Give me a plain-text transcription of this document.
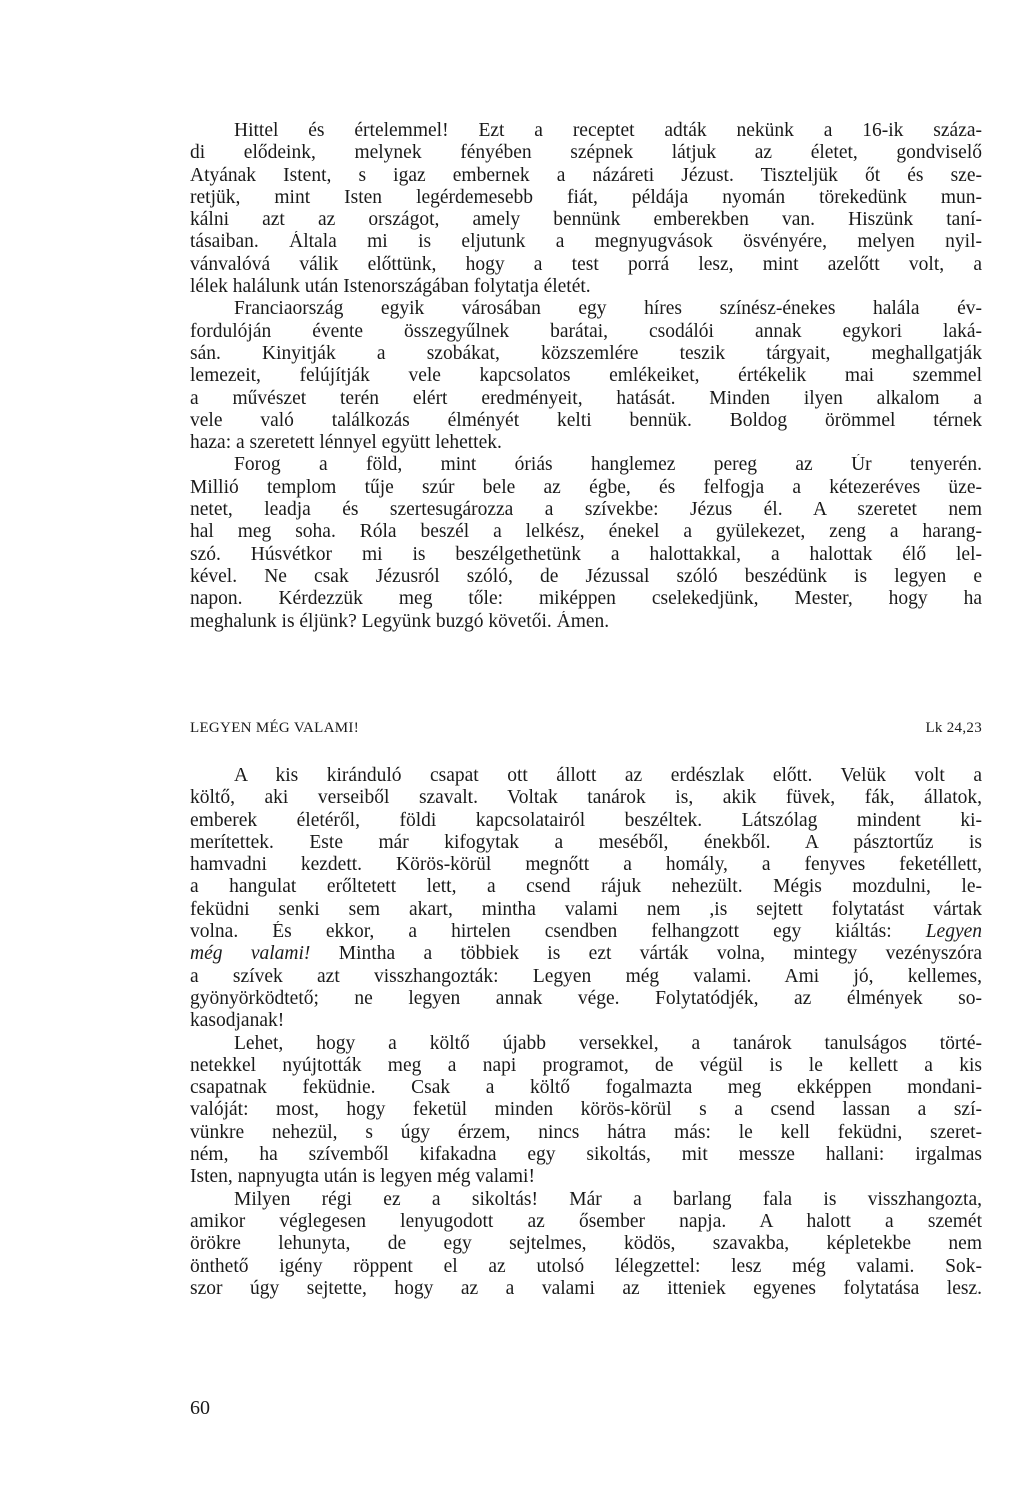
Hittel és értelemmel! Ezt a receptet adták nekünk a 16-ik száza-
di elődeink, melynek fényében szépnek látjuk az életet, gondviselő
Atyának Istent, s igaz embernek a názáreti Jézust. Tiszteljük őt és sze-
retjük, mint Isten legérdemesebb fiát, példája nyomán törekedünk mun-
kálni azt az országot, amely bennünk emberekben van. Hiszünk taní-
tásaiban. Általa mi is eljutunk a megnyugvások ösvényére, melyen nyil-
vánvalóvá válik előttünk, hogy a test porrá lesz, mint azelőtt volt, a
lélek halálunk után Istenországában folytatja életét.
Franciaország egyik városában egy híres színész-énekes halála év-
fordulóján évente összegyűlnek barátai, csodálói annak egykori laká-
sán. Kinyitják a szobákat, közszemlére teszik tárgyait, meghallgatják
lemezeit, felújítják vele kapcsolatos emlékeiket, értékelik mai szemmel
a művészet terén elért eredményeit, hatását. Minden ilyen alkalom a
vele való találkozás élményét kelti bennük. Boldog örömmel térnek
haza: a szeretett lénnyel együtt lehettek.
Forog a föld, mint óriás hanglemez pereg az Úr tenyerén.
Millió templom tűje szúr bele az égbe, és felfogja a kétezeréves üze-
netet, leadja és szertesugározza a szívekbe: Jézus él. A szeretet nem
hal meg soha. Róla beszél a lelkész, énekel a gyülekezet, zeng a harang-
szó. Húsvétkor mi is beszélgethetünk a halottakkal, a halottak élő lel-
kével. Ne csak Jézusról szóló, de Jézussal szóló beszédünk is legyen e
napon. Kérdezzük meg tőle: miképpen cselekedjünk, Mester, hogy ha
meghalunk is éljünk? Legyünk buzgó követői. Ámen.
LEGYEN MÉG VALAMI!	Lk 24,23
A kis kiránduló csapat ott állott az erdészlak előtt. Velük volt a
költő, aki verseiből szavalt. Voltak tanárok is, akik füvek, fák, állatok,
emberek életéről, földi kapcsolatairól beszéltek. Látszólag mindent ki-
merítettek. Este már kifogytak a meséből, énekből. A pásztortűz is
hamvadni kezdett. Körös-körül megnőtt a homály, a fenyves feketéllett,
a hangulat erőltetett lett, a csend rájuk nehezült. Mégis mozdulni, le-
feküdni senki sem akart, mintha valami nem ,is sejtett folytatást vártak
volna. És ekkor, a hirtelen csendben felhangzott egy kiáltás: Legyen
még valami! Mintha a többiek is ezt várták volna, mintegy vezényszóra
a szívek azt visszhangozták: Legyen még valami. Ami jó, kellemes,
gyönyörködtető; ne legyen annak vége. Folytatódjék, az élmények so-
kasodjanak!
Lehet, hogy a költő újabb versekkel, a tanárok tanulságos törté-
netekkel nyújtották meg a napi programot, de végül is le kellett a kis
csapatnak feküdnie. Csak a költő fogalmazta meg ekképpen mondani-
valóját: most, hogy feketül minden körös-körül s a csend lassan a szí-
vünkre nehezül, s úgy érzem, nincs hátra más: le kell feküdni, szeret-
ném, ha szívemből kifakadna egy sikoltás, mit messze hallani: irgalmas
Isten, napnyugta után is legyen még valami!
Milyen régi ez a sikoltás! Már a barlang fala is visszhangozta,
amikor véglegesen lenyugodott az ősember napja. A halott a szemét
örökre lehunyta, de egy sejtelmes, ködös, szavakba, képletekbe nem
önthető igény röppent el az utolsó lélegzettel: lesz még valami. Sok-
szor úgy sejtette, hogy az a valami az itteniek egyenes folytatása lesz.
60
